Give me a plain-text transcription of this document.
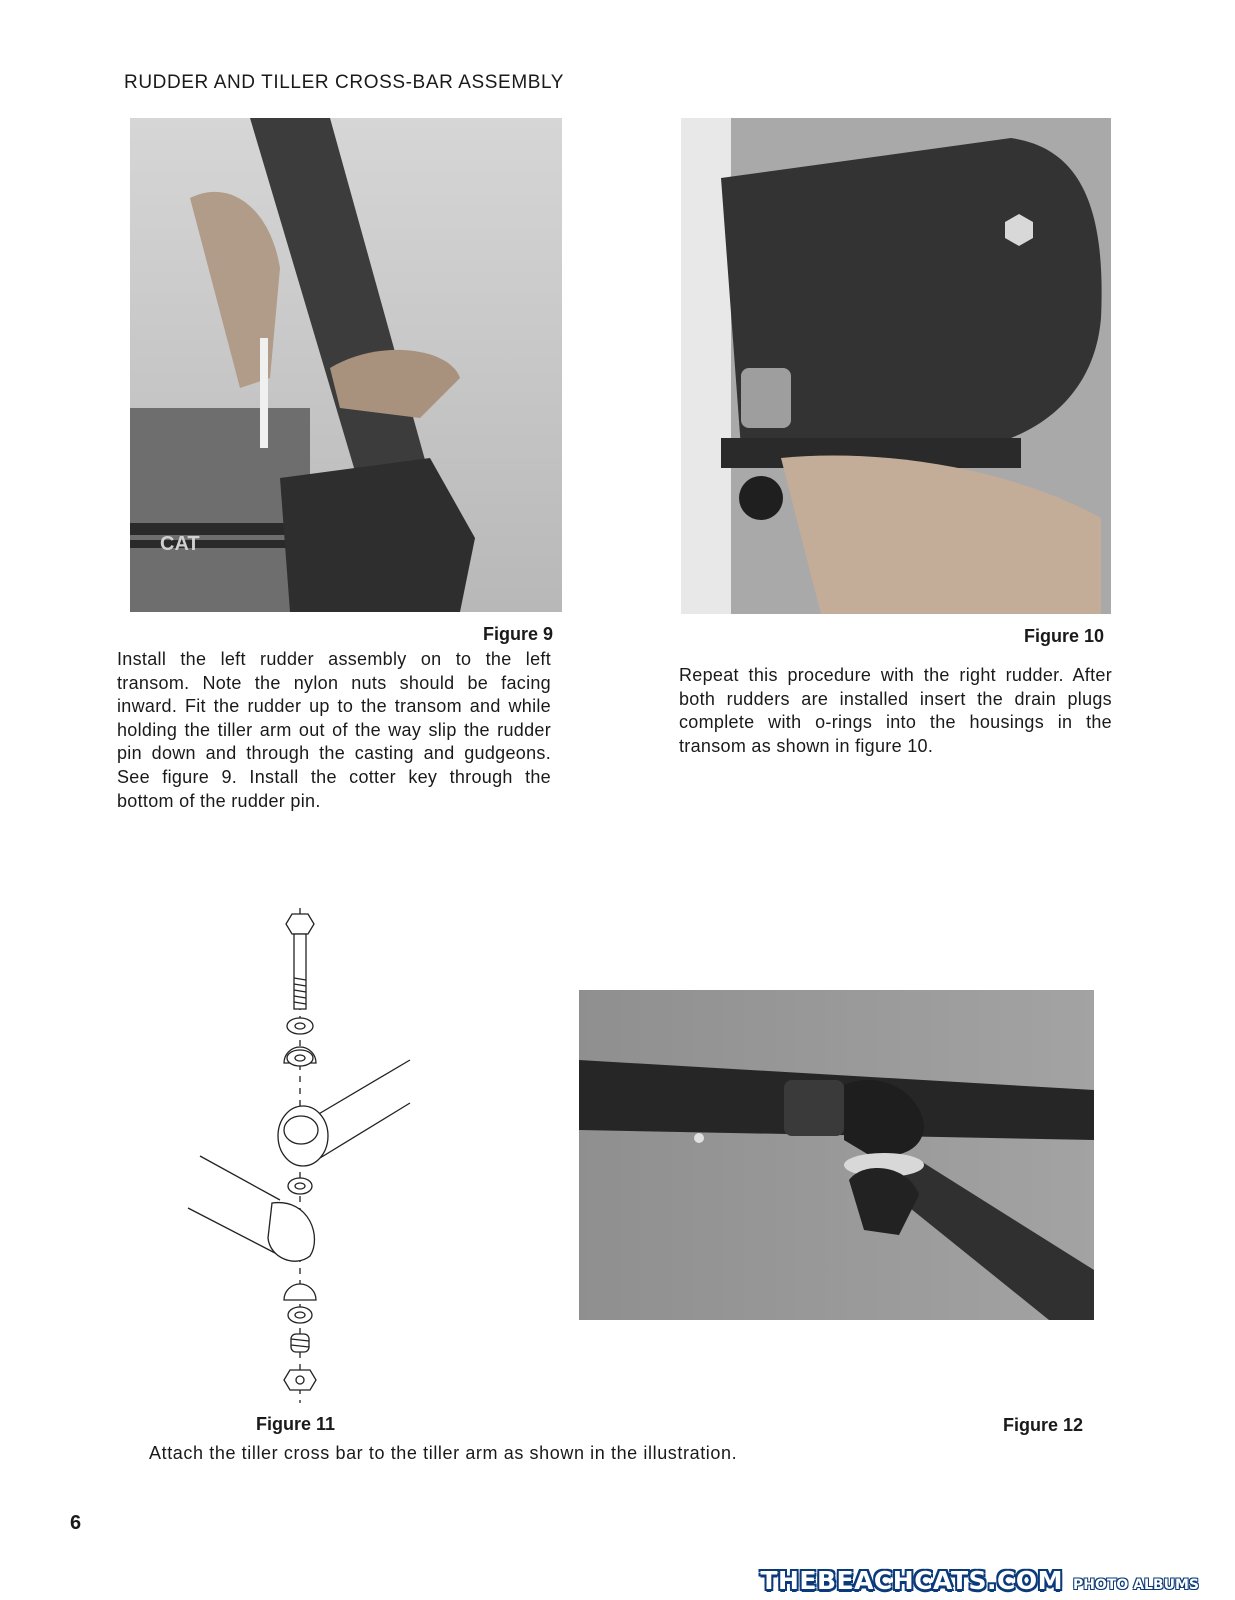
RUDDER AND TILLER CROSS-BAR ASSEMBLY
CAT
Figure 9
Install the left rudder assembly on to the left transom. Note the nylon nuts should be facing inward. Fit the rudder up to the transom and while holding the tiller arm out of the way slip the rudder pin down and through the casting and gudgeons. See figure 9. Install the cotter key through the bottom of the rudder pin.
Figure 10
Repeat this procedure with the right rudder. After both rudders are installed insert the drain plugs complete with o-rings into the housings in the transom as shown in figure 10.
Figure 11	Figure 12
Attach the tiller cross bar to the tiller arm as shown in the illustration.
6
THEBEACHCATS.COM PHOTO ALBUMS
